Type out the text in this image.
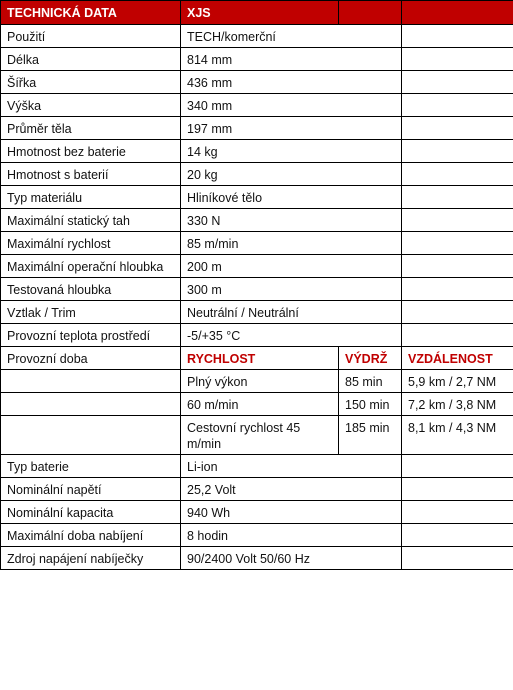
TECHNICKÁ DATA	XJS		
Použití	TECH/komerční		
Délka	814 mm		
Šířka	436 mm		
Výška	340 mm		
Průměr těla	197 mm		
Hmotnost bez baterie	14 kg		
Hmotnost s baterií	20 kg		
Typ materiálu	Hliníkové tělo		
Maximální statický tah	330 N		
Maximální rychlost	85 m/min		
Maximální operační hloubka	200 m		
Testovaná hloubka	300 m		
Vztlak / Trim	Neutrální / Neutrální		
Provozní teplota prostředí	-5/+35 °C		
Provozní doba	RYCHLOST	VÝDRŽ	VZDÁLENOST
	Plný výkon	85 min	5,9 km / 2,7 NM
	60 m/min	150 min	7,2 km / 3,8 NM
	Cestovní rychlost 45 m/min	185 min	8,1 km / 4,3 NM
Typ baterie	Li-ion		
Nominální napětí	25,2 Volt		
Nominální kapacita	940 Wh		
Maximální doba nabíjení	8 hodin		
Zdroj napájení nabíječky	90/2400 Volt 50/60 Hz		
